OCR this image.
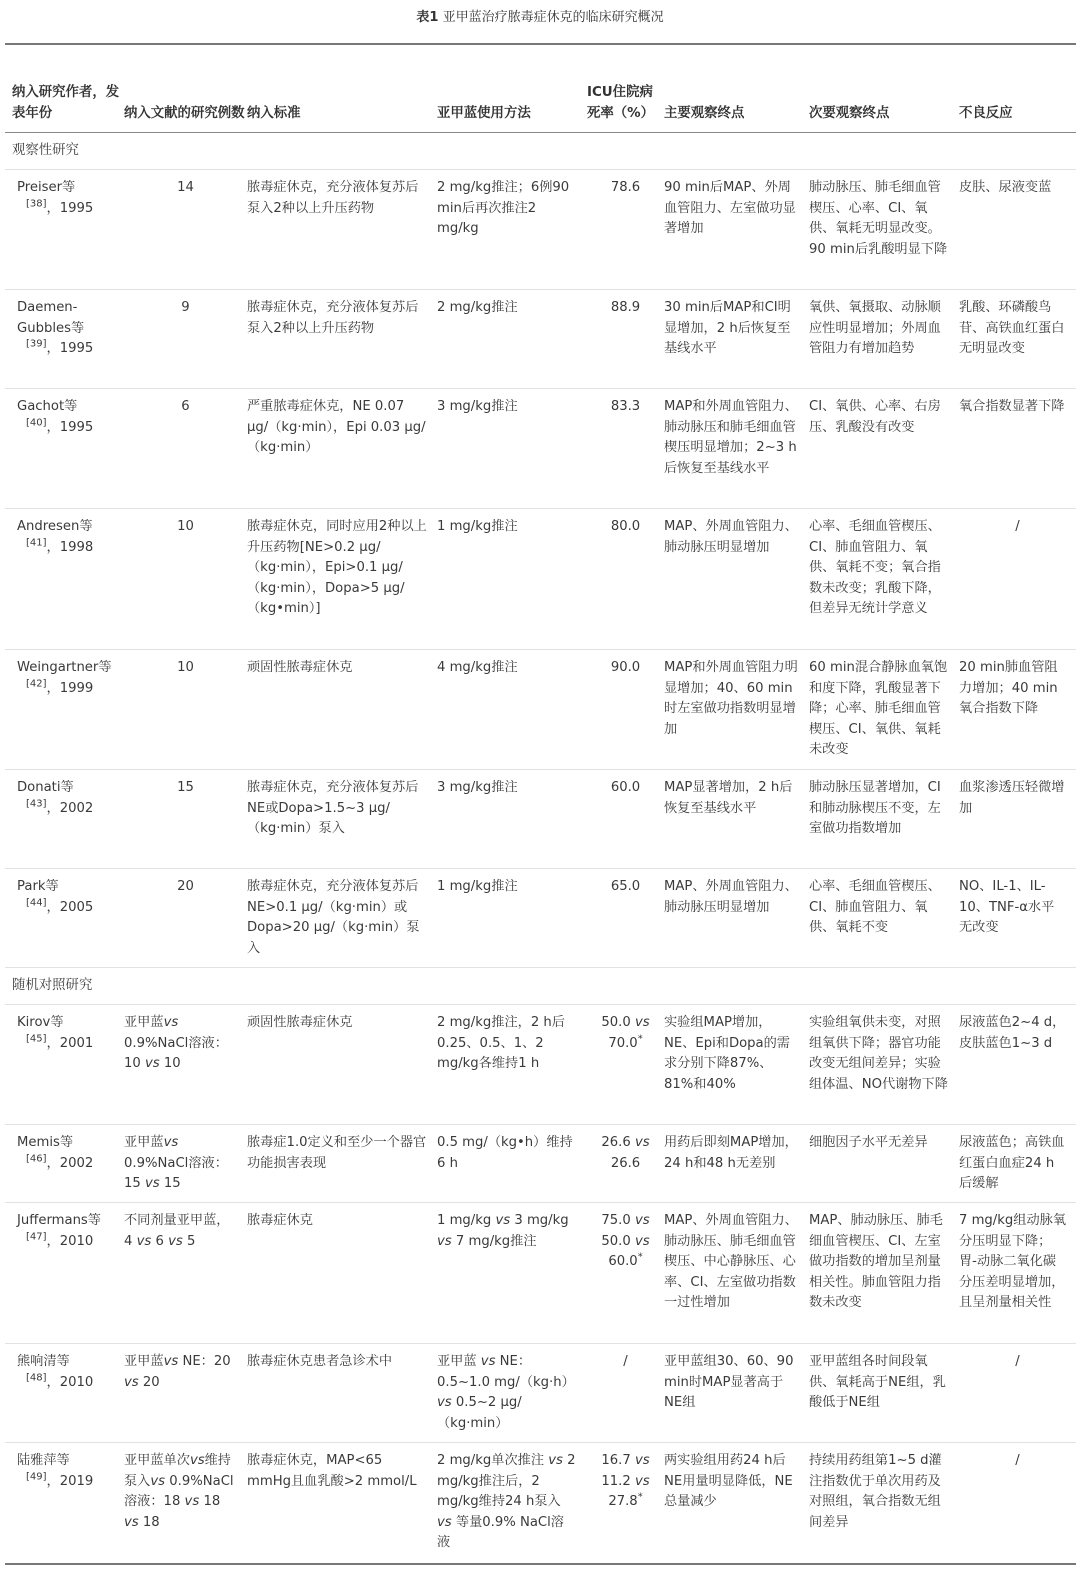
表1 亚甲蓝治疗脓毒症休克的临床研究概况
纳入研究作者，发表年份	纳入文献的研究例数	纳入标准	亚甲蓝使用方法	ICU住院病死率（%）	主要观察终点	次要观察终点	不良反应
观察性研究							
Preiser等
[38]，1995	14	脓毒症休克，充分液体复苏后泵入2种以上升压药物	2 mg/kg推注；6例90 min后再次推注2 mg/kg	78.6	90 min后MAP、外周血管阻力、左室做功显著增加	肺动脉压、肺毛细血管楔压、心率、CI、氧供、氧耗无明显改变。90 min后乳酸明显下降	皮肤、尿液变蓝
Daemen-Gubbles等
[39]，1995	9	脓毒症休克，充分液体复苏后泵入2种以上升压药物	2 mg/kg推注	88.9	30 min后MAP和CI明显增加，2 h后恢复至基线水平	氧供、氧摄取、动脉顺应性明显增加；外周血管阻力有增加趋势	乳酸、环磷酸鸟苷、高铁血红蛋白无明显改变
Gachot等
[40]，1995	6	严重脓毒症休克，NE 0.07 μg/（kg·min），Epi 0.03 μg/（kg·min）	3 mg/kg推注	83.3	MAP和外周血管阻力、肺动脉压和肺毛细血管楔压明显增加；2~3 h后恢复至基线水平	CI、氧供、心率、右房压、乳酸没有改变	氧合指数显著下降
Andresen等
[41]，1998	10	脓毒症休克，同时应用2种以上升压药物[NE>0.2 μg/（kg·min），Epi>0.1 μg/（kg·min），Dopa>5 μg/（kg•min）]	1 mg/kg推注	80.0	MAP、外周血管阻力、肺动脉压明显增加	心率、毛细血管楔压、CI、肺血管阻力、氧供、氧耗不变；氧合指数未改变；乳酸下降，但差异无统计学意义	/
Weingartner等
[42]，1999	10	顽固性脓毒症休克	4 mg/kg推注	90.0	MAP和外周血管阻力明显增加；40、60 min时左室做功指数明显增加	60 min混合静脉血氧饱和度下降，乳酸显著下降；心率、肺毛细血管楔压、CI、氧供、氧耗未改变	20 min肺血管阻力增加；40 min氧合指数下降
Donati等
[43]，2002	15	脓毒症休克，充分液体复苏后NE或Dopa>1.5~3 μg/（kg·min）泵入	3 mg/kg推注	60.0	MAP显著增加，2 h后恢复至基线水平	肺动脉压显著增加，CI和肺动脉楔压不变，左室做功指数增加	血浆渗透压轻微增加
Park等
[44]，2005	20	脓毒症休克，充分液体复苏后NE>0.1 μg/（kg·min）或Dopa>20 μg/（kg·min）泵入	1 mg/kg推注	65.0	MAP、外周血管阻力、肺动脉压明显增加	心率、毛细血管楔压、CI、肺血管阻力、氧供、氧耗不变	NO、IL-1、IL-10、TNF-α水平无改变
随机对照研究							
Kirov等
[45]，2001	亚甲蓝vs 0.9%NaCl溶液：10 vs 10	顽固性脓毒症休克	2 mg/kg推注，2 h后0.25、0.5、1、2 mg/kg各维持1 h	50.0 vs
70.0*	实验组MAP增加，NE、Epi和Dopa的需求分别下降87%、81%和40%	实验组氧供未变，对照组氧供下降；器官功能改变无组间差异；实验组体温、NO代谢物下降	尿液蓝色2~4 d，皮肤蓝色1~3 d
Memis等
[46]，2002	亚甲蓝vs 0.9%NaCl溶液：15 vs 15	脓毒症1.0定义和至少一个器官功能损害表现	0.5 mg/（kg•h）维持6 h	26.6 vs
26.6	用药后即刻MAP增加，24 h和48 h无差别	细胞因子水平无差异	尿液蓝色；高铁血红蛋白血症24 h后缓解
Juffermans等
[47]，2010	不同剂量亚甲蓝，4 vs 6 vs 5	脓毒症休克	1 mg/kg vs 3 mg/kg vs 7 mg/kg推注	75.0 vs
50.0 vs
60.0*	MAP、外周血管阻力、肺动脉压、肺毛细血管楔压、中心静脉压、心率、CI、左室做功指数一过性增加	MAP、肺动脉压、肺毛细血管楔压、CI、左室做功指数的增加呈剂量相关性。肺血管阻力指数未改变	7 mg/kg组动脉氧分压明显下降；胃-动脉二氧化碳分压差明显增加，且呈剂量相关性
熊响清等
[48]，2010	亚甲蓝vs NE：20 vs 20	脓毒症休克患者急诊术中	亚甲蓝 vs NE：0.5~1.0 mg/（kg·h） vs 0.5~2 μg/（kg·min）	/	亚甲蓝组30、60、90 min时MAP显著高于NE组	亚甲蓝组各时间段氧供、氧耗高于NE组，乳酸低于NE组	/
陆雅萍等
[49]，2019	亚甲蓝单次vs维持泵入vs 0.9%NaCl溶液：18 vs 18 vs 18	脓毒症休克，MAP<65 mmHg且血乳酸>2 mmol/L	2 mg/kg单次推注 vs 2 mg/kg推注后，2 mg/kg维持24 h泵入 vs 等量0.9% NaCl溶液	16.7 vs
11.2 vs
27.8*	两实验组用药24 h后NE用量明显降低，NE总量减少	持续用药组第1~5 d灌注指数优于单次用药及对照组，氧合指数无组间差异	/
